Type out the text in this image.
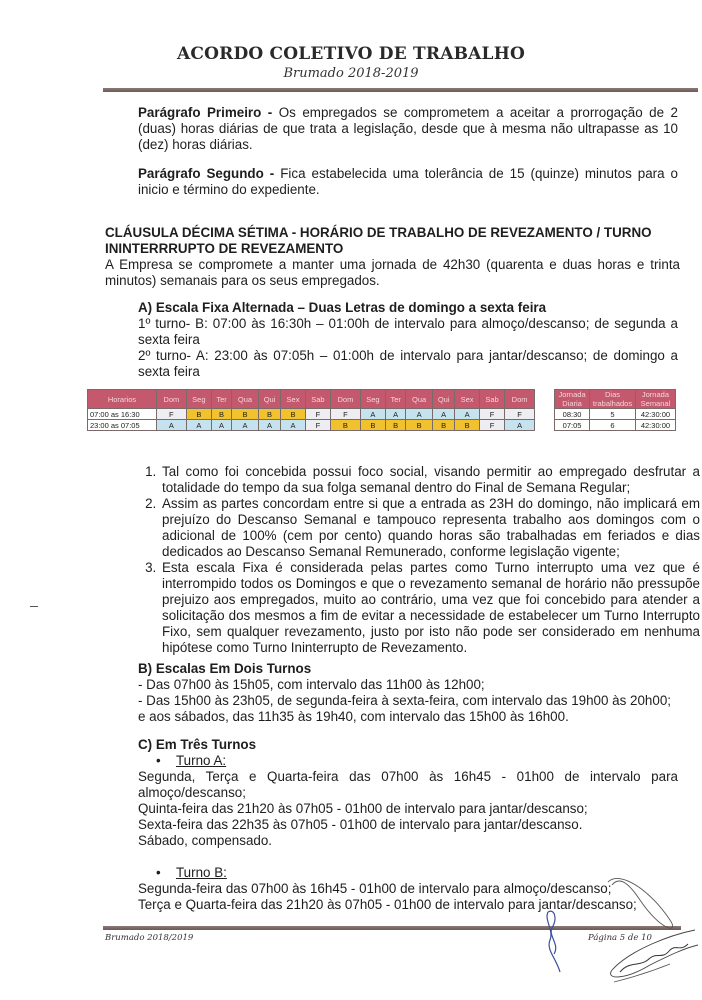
ACORDO COLETIVO DE TRABALHO
Brumado 2018-2019
Parágrafo Primeiro - Os empregados se comprometem a aceitar a prorrogação de 2 (duas) horas diárias de que trata a legislação, desde que à mesma não ultrapasse as 10 (dez) horas diárias.
Parágrafo Segundo - Fica estabelecida uma tolerância de 15 (quinze) minutos para o inicio e término do expediente.
CLÁUSULA DÉCIMA SÉTIMA - HORÁRIO DE TRABALHO DE REVEZAMENTO / TURNO
ININTERRRUPTO DE REVEZAMENTO
A Empresa se compromete a manter uma jornada de 42h30 (quarenta e duas horas e trinta minutos) semanais para os seus empregados.
A) Escala Fixa Alternada – Duas Letras de domingo a sexta feira
1º turno- B: 07:00 às 16:30h – 01:00h de intervalo para almoço/descanso; de segunda a sexta feira
2º turno- A: 23:00 às 07:05h – 01:00h de intervalo para jantar/descanso; de domingo a sexta feira
Horarios	Dom	Seg	Ter	Qua	Qui	Sex	Sab	Dom	Seg	Ter	Qua	Qui	Sex	Sab	Dom
07:00 as 16:30	F	B	B	B	B	B	F	F	A	A	A	A	A	F	F
23:00 as 07:05	A	A	A	A	A	A	F	B	B	B	B	B	B	F	A
Jornada Diaria	Dias trabalhados	Jornada Semanal
08:30	5	42:30:00
07:05	6	42:30:00
1. Tal como foi concebida possui foco social, visando permitir ao empregado desfrutar a totalidade do tempo da sua folga semanal dentro do Final de Semana Regular;
2. Assim as partes concordam entre si que a entrada as 23H do domingo, não implicará em prejuízo do Descanso Semanal e tampouco representa trabalho aos domingos com o adicional de 100% (cem por cento) quando horas são trabalhadas em feriados e dias dedicados ao Descanso Semanal Remunerado, conforme legislação vigente;
3. Esta escala Fixa é considerada pelas partes como Turno interrupto uma vez que é interrompido todos os Domingos e que o revezamento semanal de horário não pressupõe prejuizo aos empregados, muito ao contrário, uma vez que foi concebido para atender a solicitação dos mesmos a fim de evitar a necessidade de estabelecer um Turno Interrupto Fixo, sem qualquer revezamento, justo por isto não pode ser considerado em nenhuma hipótese como Turno Ininterrupto de Revezamento.
B) Escalas Em Dois Turnos
- Das 07h00 às 15h05, com intervalo das 11h00 às 12h00;
- Das 15h00 às 23h05, de segunda-feira à sexta-feira, com intervalo das 19h00 às 20h00;
e aos sábados, das 11h35 às 19h40, com intervalo das 15h00 às 16h00.
C) Em Três Turnos
• Turno A:
Segunda, Terça e Quarta-feira das 07h00 às 16h45 - 01h00 de intervalo para almoço/descanso;
Quinta-feira das 21h20 às 07h05 - 01h00 de intervalo para jantar/descanso;
Sexta-feira das 22h35 às 07h05 - 01h00 de intervalo para jantar/descanso.
Sábado, compensado.
• Turno B:
Segunda-feira das 07h00 às 16h45 - 01h00 de intervalo para almoço/descanso;
Terça e Quarta-feira das 21h20 às 07h05 - 01h00 de intervalo para jantar/descanso;
Brumado 2018/2019	Página 5 de 10
